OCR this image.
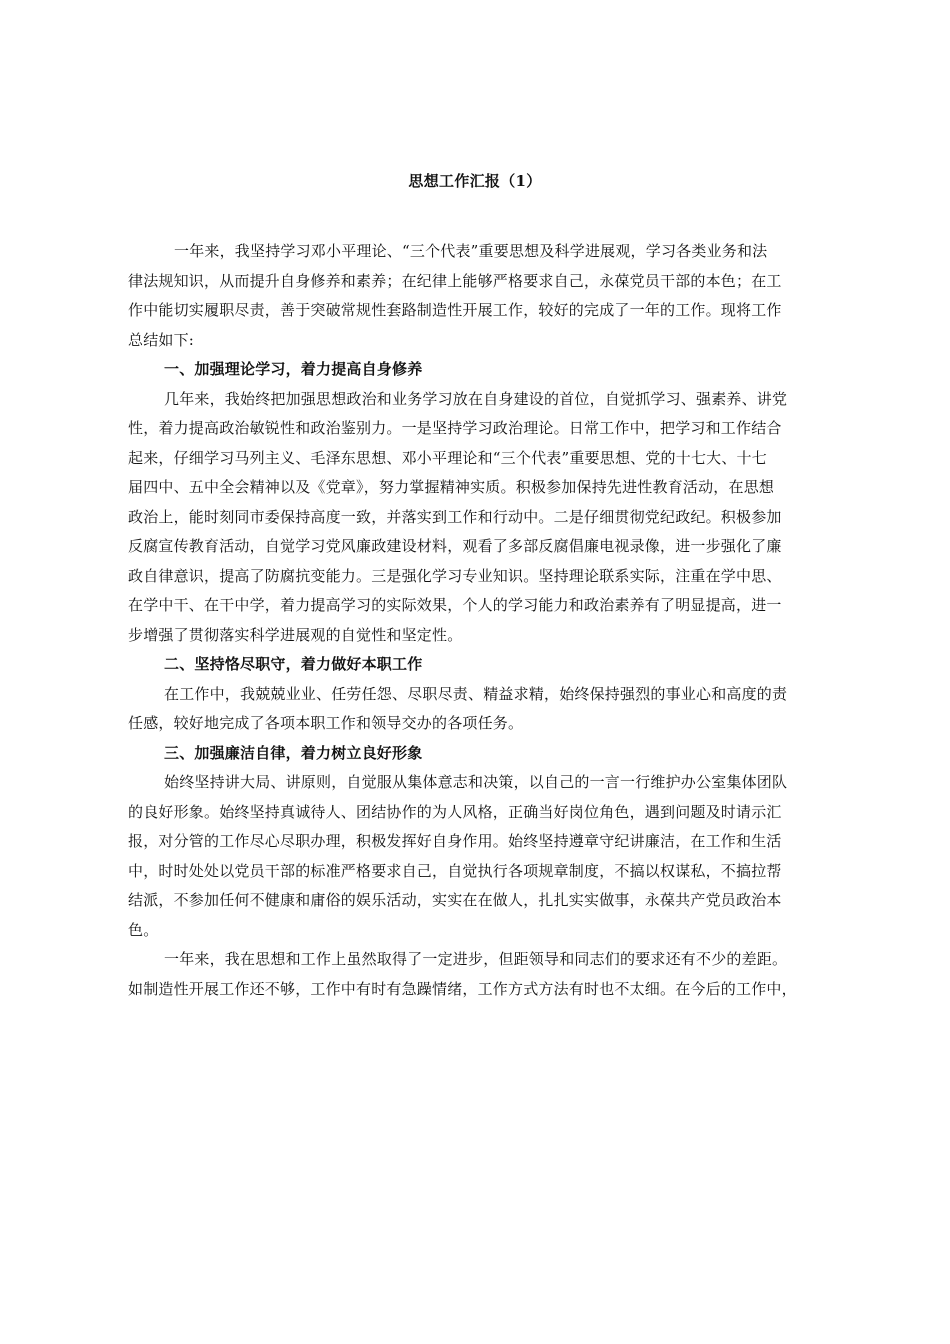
思想工作汇报（1）
一年来，我坚持学习邓小平理论、“三个代表”重要思想及科学进展观，学习各类业务和法
律法规知识，从而提升自身修养和素养；在纪律上能够严格要求自己，永葆党员干部的本色；在工
作中能切实履职尽责，善于突破常规性套路制造性开展工作，较好的完成了一年的工作。现将工作
总结如下:
一、加强理论学习，着力提高自身修养
几年来，我始终把加强思想政治和业务学习放在自身建设的首位，自觉抓学习、强素养、讲党
性，着力提高政治敏锐性和政治鉴别力。一是坚持学习政治理论。日常工作中，把学习和工作结合
起来，仔细学习马列主义、毛泽东思想、邓小平理论和“三个代表”重要思想、党的十七大、十七
届四中、五中全会精神以及《党章》，努力掌握精神实质。积极参加保持先进性教育活动，在思想
政治上，能时刻同市委保持高度一致，并落实到工作和行动中。二是仔细贯彻党纪政纪。积极参加
反腐宣传教育活动，自觉学习党风廉政建设材料，观看了多部反腐倡廉电视录像，进一步强化了廉
政自律意识，提高了防腐抗变能力。三是强化学习专业知识。坚持理论联系实际，注重在学中思、
在学中干、在干中学，着力提高学习的实际效果，个人的学习能力和政治素养有了明显提高，进一
步增强了贯彻落实科学进展观的自觉性和坚定性。
二、坚持恪尽职守，着力做好本职工作
在工作中，我兢兢业业、任劳任怨、尽职尽责、精益求精，始终保持强烈的事业心和高度的责
任感，较好地完成了各项本职工作和领导交办的各项任务。
三、加强廉洁自律，着力树立良好形象
始终坚持讲大局、讲原则，自觉服从集体意志和决策，以自己的一言一行维护办公室集体团队
的良好形象。始终坚持真诚待人、团结协作的为人风格，正确当好岗位角色，遇到问题及时请示汇
报，对分管的工作尽心尽职办理，积极发挥好自身作用。始终坚持遵章守纪讲廉洁，在工作和生活
中，时时处处以党员干部的标准严格要求自己，自觉执行各项规章制度，不搞以权谋私，不搞拉帮
结派，不参加任何不健康和庸俗的娱乐活动，实实在在做人，扎扎实实做事，永葆共产党员政治本
色。
一年来，我在思想和工作上虽然取得了一定进步，但距领导和同志们的要求还有不少的差距。
如制造性开展工作还不够，工作中有时有急躁情绪，工作方式方法有时也不太细。在今后的工作中，
